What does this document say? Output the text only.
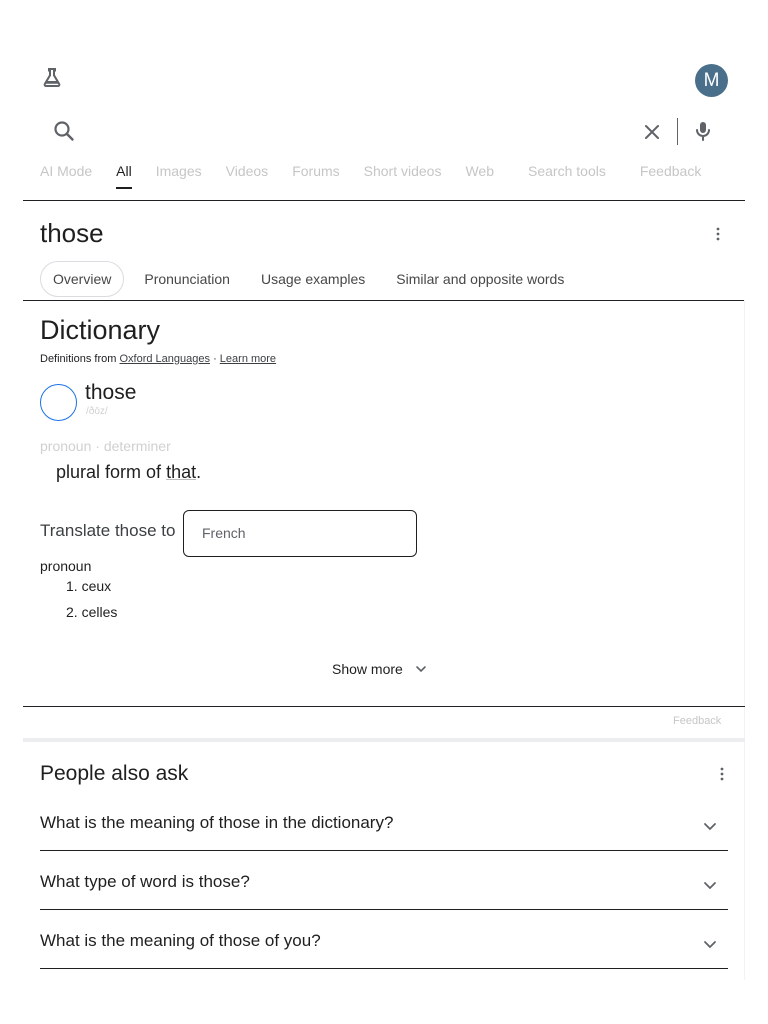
M
AI Mode All Images Videos Forums Short videos Web Search tools Feedback
those
Overview	Pronunciation Usage examples Similar and opposite words
Dictionary
Definitions from Oxford Languages · Learn more
those
/ðōz/
pronoun · determiner
plural form of that.
Translate those to	French
pronoun
1. ceux
2. celles
Show more
Feedback
People also ask
What is the meaning of those in the dictionary?
What type of word is those?
What is the meaning of those of you?
